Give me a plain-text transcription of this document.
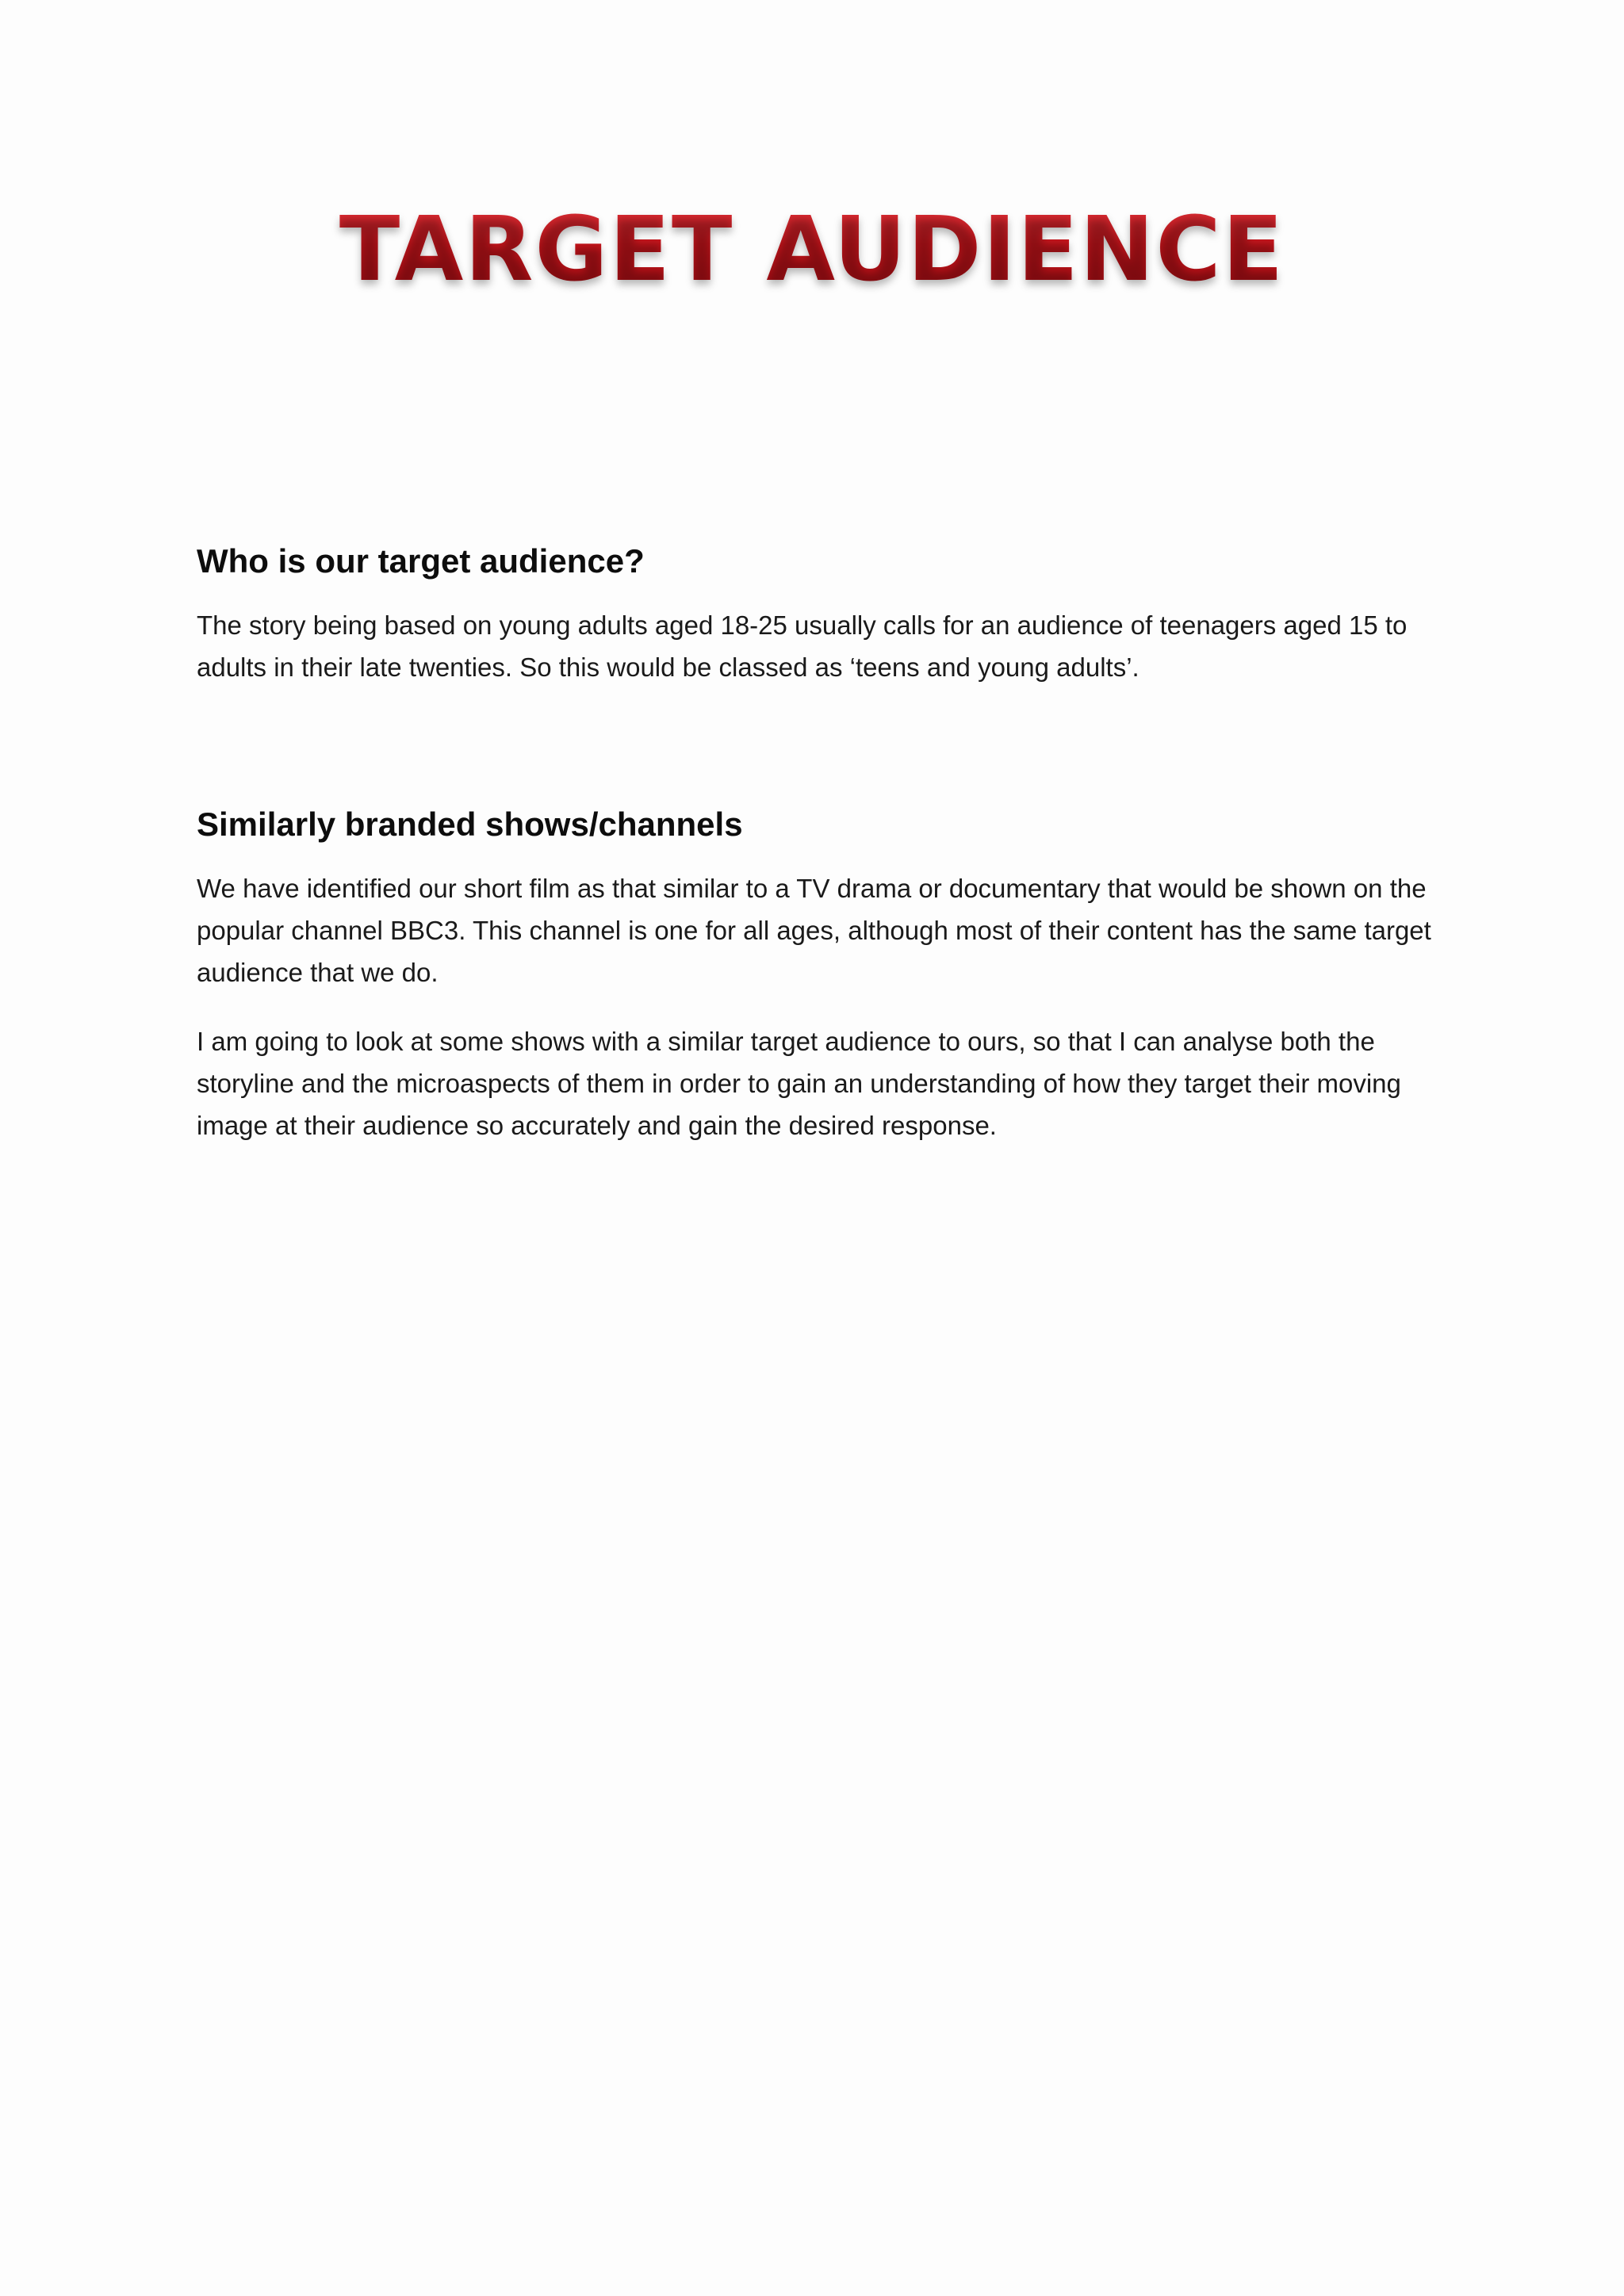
TARGET AUDIENCE
Who is our target audience?

The story being based on young adults aged 18-25 usually calls for an audience of teenagers aged 15 to adults in their late twenties. So this would be classed as ‘teens and young adults’.

Similarly branded shows/channels

We have identified our short film as that similar to a TV drama or documentary that would be shown on the popular channel BBC3. This channel is one for all ages, although most of their content has the same target audience that we do.

I am going to look at some shows with a similar target audience to ours, so that I can analyse both the storyline and the microaspects of them in order to gain an understanding of how they target their moving image at their audience so accurately and gain the desired response.
